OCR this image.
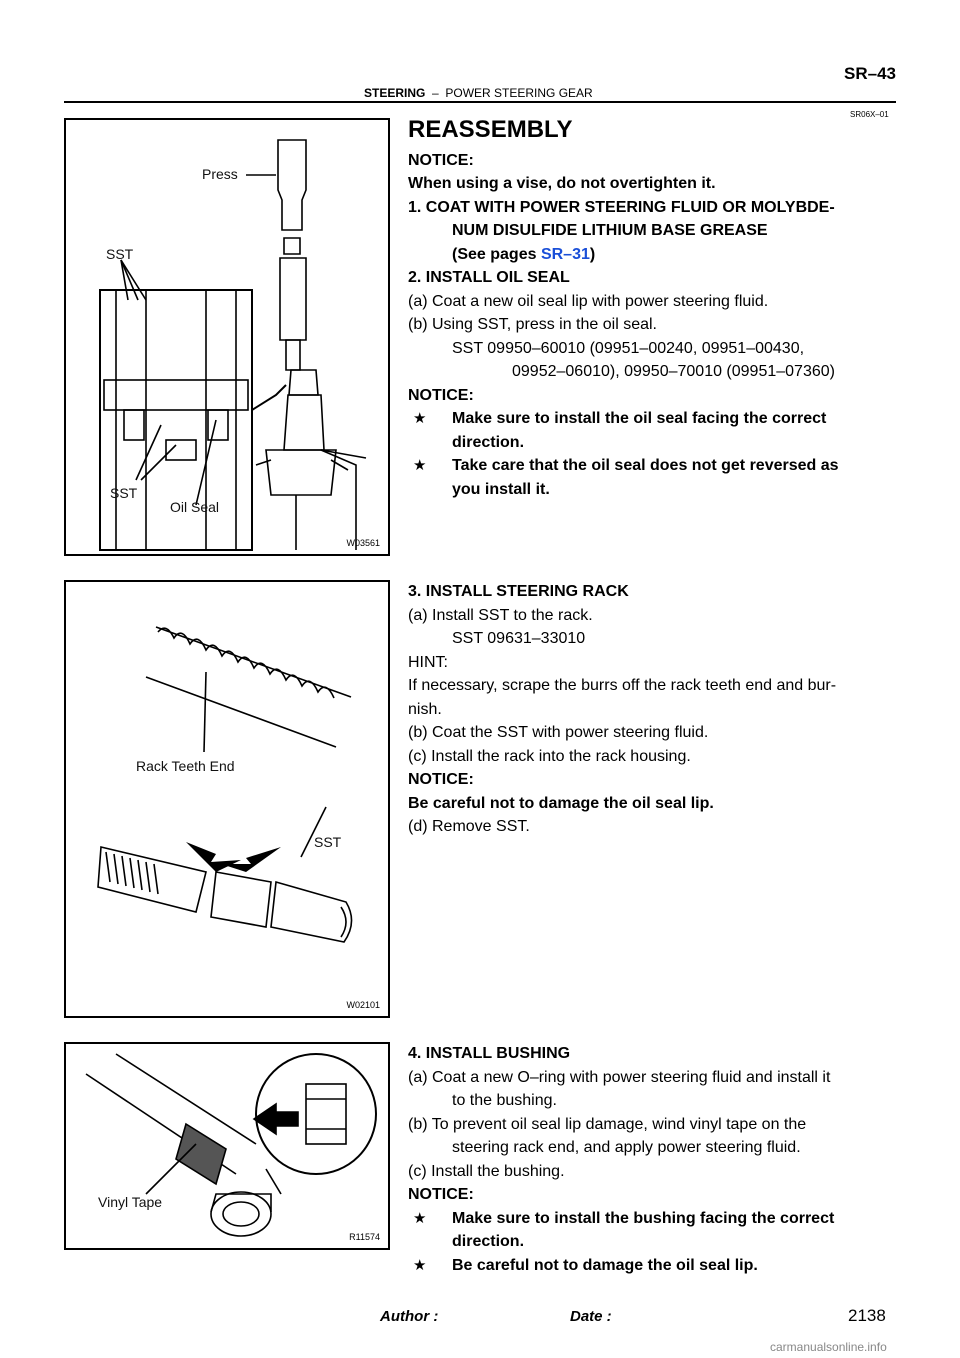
SR–43
STEERING – POWER STEERING GEAR
SR06X–01
Press
SST
SST
Oil Seal
W03561
Rack Teeth End
SST
W02101
Vinyl Tape
R11574
REASSEMBLY
NOTICE:
When using a vise, do not overtighten it.
1. COAT WITH POWER STEERING FLUID OR MOLYBDE-
NUM DISULFIDE LITHIUM BASE GREASE
(See pages SR–31)
2. INSTALL OIL SEAL
(a) Coat a new oil seal lip with power steering fluid.
(b) Using SST, press in the oil seal.
SST 09950–60010 (09951–00240, 09951–00430,
09952–06010), 09950–70010 (09951–07360)
NOTICE:
★ Make sure to install the oil seal facing the correct
direction.
★ Take care that the oil seal does not get reversed as
you install it.
3. INSTALL STEERING RACK
(a) Install SST to the rack.
SST 09631–33010
HINT:
If necessary, scrape the burrs off the rack teeth end and bur-
nish.
(b) Coat the SST with power steering fluid.
(c) Install the rack into the rack housing.
NOTICE:
Be careful not to damage the oil seal lip.
(d) Remove SST.
4. INSTALL BUSHING
(a) Coat a new O–ring with power steering fluid and install it
to the bushing.
(b) To prevent oil seal lip damage, wind vinyl tape on the
steering rack end, and apply power steering fluid.
(c) Install the bushing.
NOTICE:
★ Make sure to install the bushing facing the correct
direction.
★ Be careful not to damage the oil seal lip.
Author :	Date :	2138
carmanualsonline.info
